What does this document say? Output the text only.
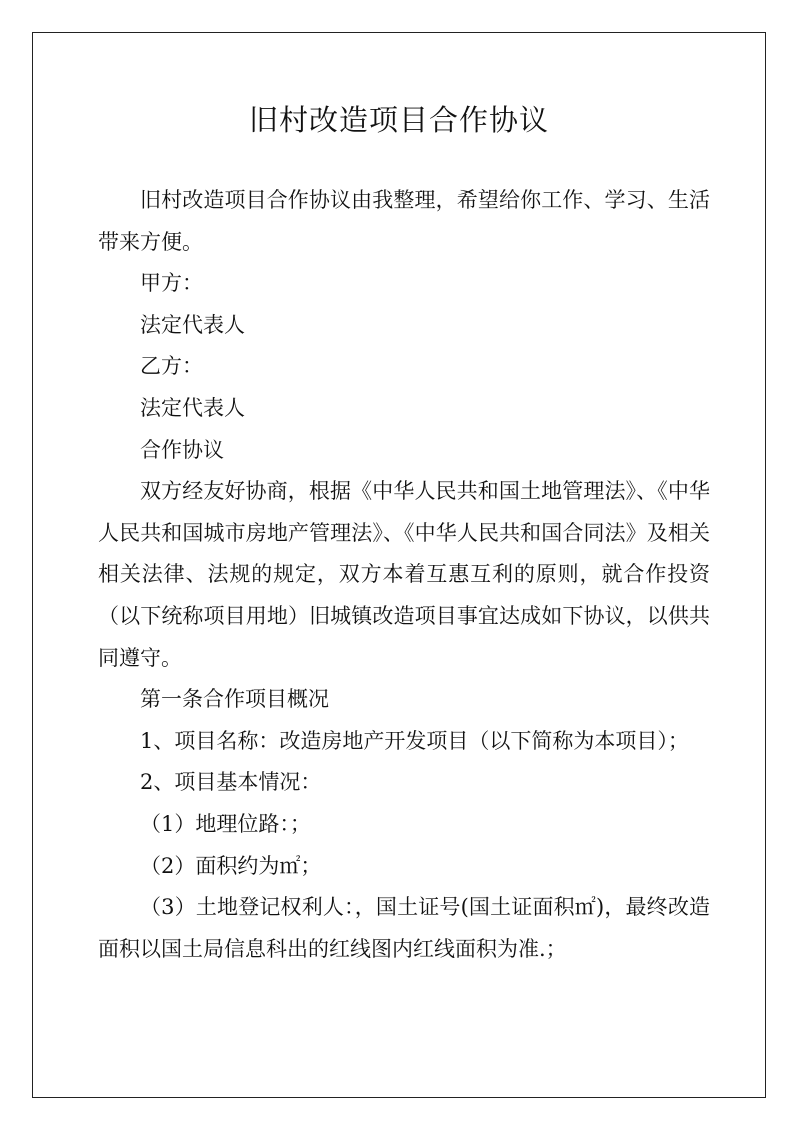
旧村改造项目合作协议

旧村改造项目合作协议由我整理，希望给你工作、学习、生活带来方便。

甲方：

法定代表人

乙方：

法定代表人

合作协议

双方经友好协商，根据《中华人民共和国土地管理法》、《中华人民共和国城市房地产管理法》、《中华人民共和国合同法》及相关相关法律、法规的规定，双方本着互惠互利的原则，就合作投资（以下统称项目用地）旧城镇改造项目事宜达成如下协议，以供共同遵守。

第一条合作项目概况

1、项目名称：改造房地产开发项目（以下简称为本项目）；

2、项目基本情况：

（1）地理位路：；

（2）面积约为㎡；

（3）土地登记权利人：，国土证号(国土证面积㎡)，最终改造面积以国土局信息科出的红线图内红线面积为准.；
